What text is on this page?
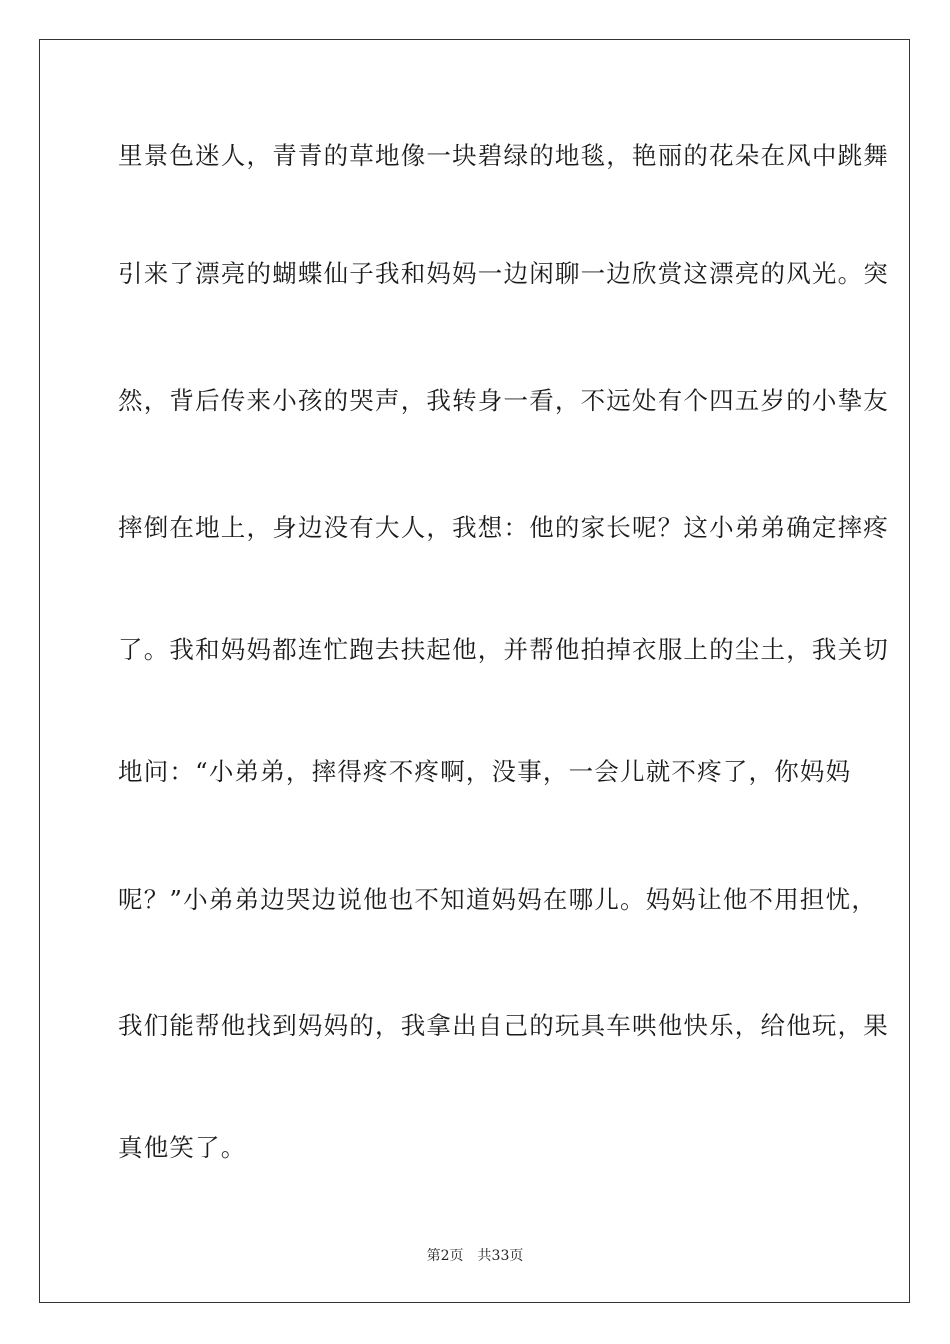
里景色迷人，青青的草地像一块碧绿的地毯，艳丽的花朵在风中跳舞
引来了漂亮的蝴蝶仙子我和妈妈一边闲聊一边欣赏这漂亮的风光。突
然，背后传来小孩的哭声，我转身一看，不远处有个四五岁的小挚友
摔倒在地上，身边没有大人，我想：他的家长呢？这小弟弟确定摔疼
了。我和妈妈都连忙跑去扶起他，并帮他拍掉衣服上的尘土，我关切
地问：“小弟弟，摔得疼不疼啊，没事，一会儿就不疼了，你妈妈
呢？”小弟弟边哭边说他也不知道妈妈在哪儿。妈妈让他不用担忧，
我们能帮他找到妈妈的，我拿出自己的玩具车哄他快乐，给他玩，果
真他笑了。
第2页 共33页
